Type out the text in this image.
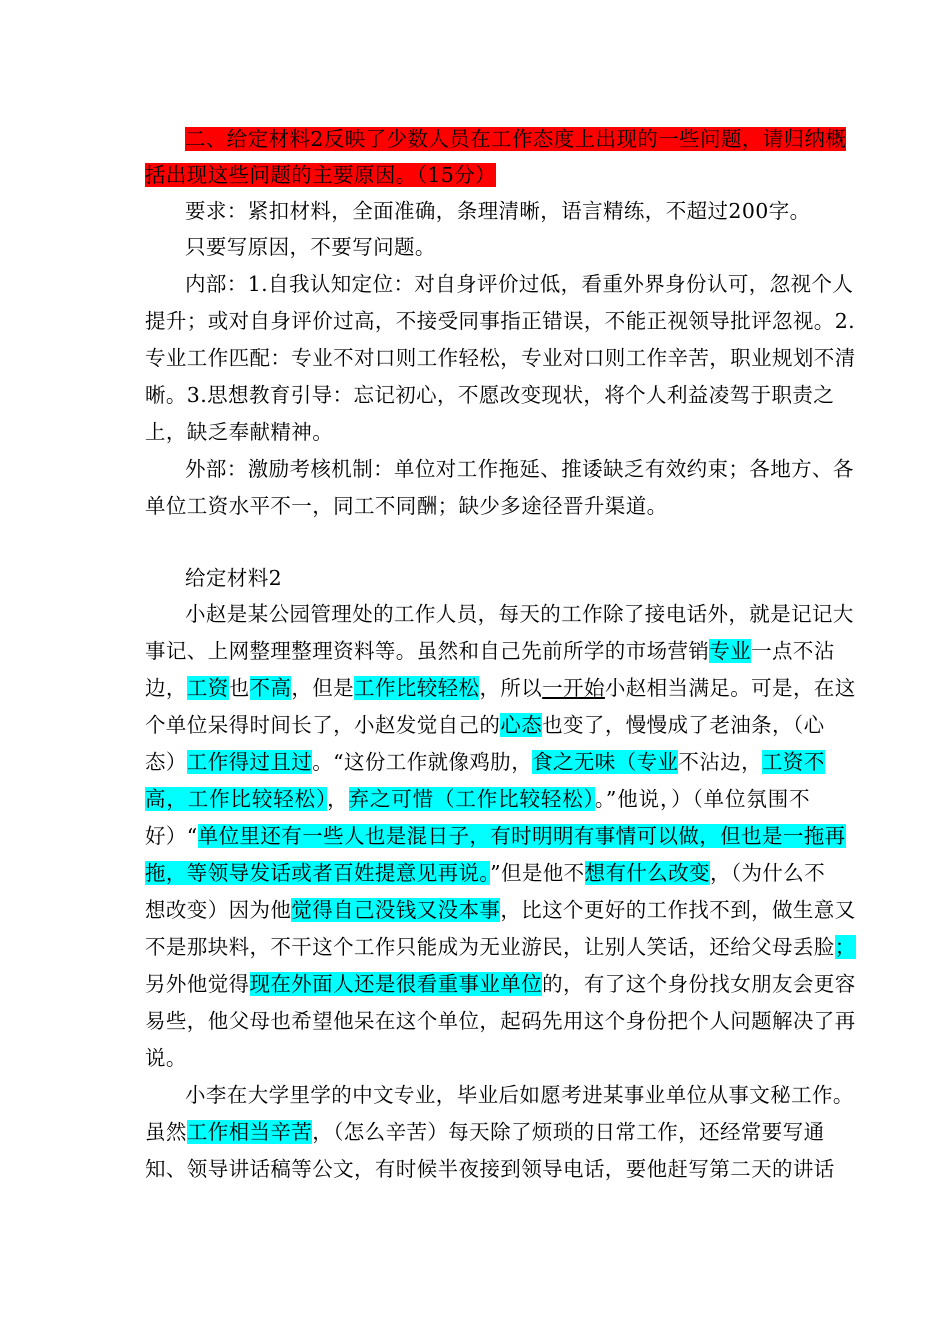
二、给定材料2反映了少数人员在工作态度上出现的一些问题，请归纳概
括出现这些问题的主要原因。（15分）
要求：紧扣材料，全面准确，条理清晰，语言精练，不超过200字。
只要写原因，不要写问题。
内部：1.自我认知定位：对自身评价过低，看重外界身份认可，忽视个人
提升；或对自身评价过高，不接受同事指正错误，不能正视领导批评忽视。2.
专业工作匹配：专业不对口则工作轻松，专业对口则工作辛苦，职业规划不清
晰。3.思想教育引导：忘记初心，不愿改变现状，将个人利益凌驾于职责之
上，缺乏奉献精神。
外部：激励考核机制：单位对工作拖延、推诿缺乏有效约束；各地方、各
单位工资水平不一，同工不同酬；缺少多途径晋升渠道。
给定材料2
小赵是某公园管理处的工作人员，每天的工作除了接电话外，就是记记大
事记、上网整理整理资料等。虽然和自己先前所学的市场营销专业一点不沾
边，工资也不高，但是工作比较轻松，所以一开始小赵相当满足。可是，在这
个单位呆得时间长了，小赵发觉自己的心态也变了，慢慢成了老油条，（心
态）工作得过且过。“这份工作就像鸡肋，食之无味（专业不沾边，工资不
高，工作比较轻松），弃之可惜（工作比较轻松）。”他说，）（单位氛围不
好）“单位里还有一些人也是混日子，有时明明有事情可以做，但也是一拖再
拖，等领导发话或者百姓提意见再说。”但是他不想有什么改变，（为什么不
想改变）因为他觉得自己没钱又没本事，比这个更好的工作找不到，做生意又
不是那块料，不干这个工作只能成为无业游民，让别人笑话，还给父母丢脸；
另外他觉得现在外面人还是很看重事业单位的，有了这个身份找女朋友会更容
易些，他父母也希望他呆在这个单位，起码先用这个身份把个人问题解决了再
说。
小李在大学里学的中文专业，毕业后如愿考进某事业单位从事文秘工作。
虽然工作相当辛苦，（怎么辛苦）每天除了烦琐的日常工作，还经常要写通
知、领导讲话稿等公文，有时候半夜接到领导电话，要他赶写第二天的讲话
